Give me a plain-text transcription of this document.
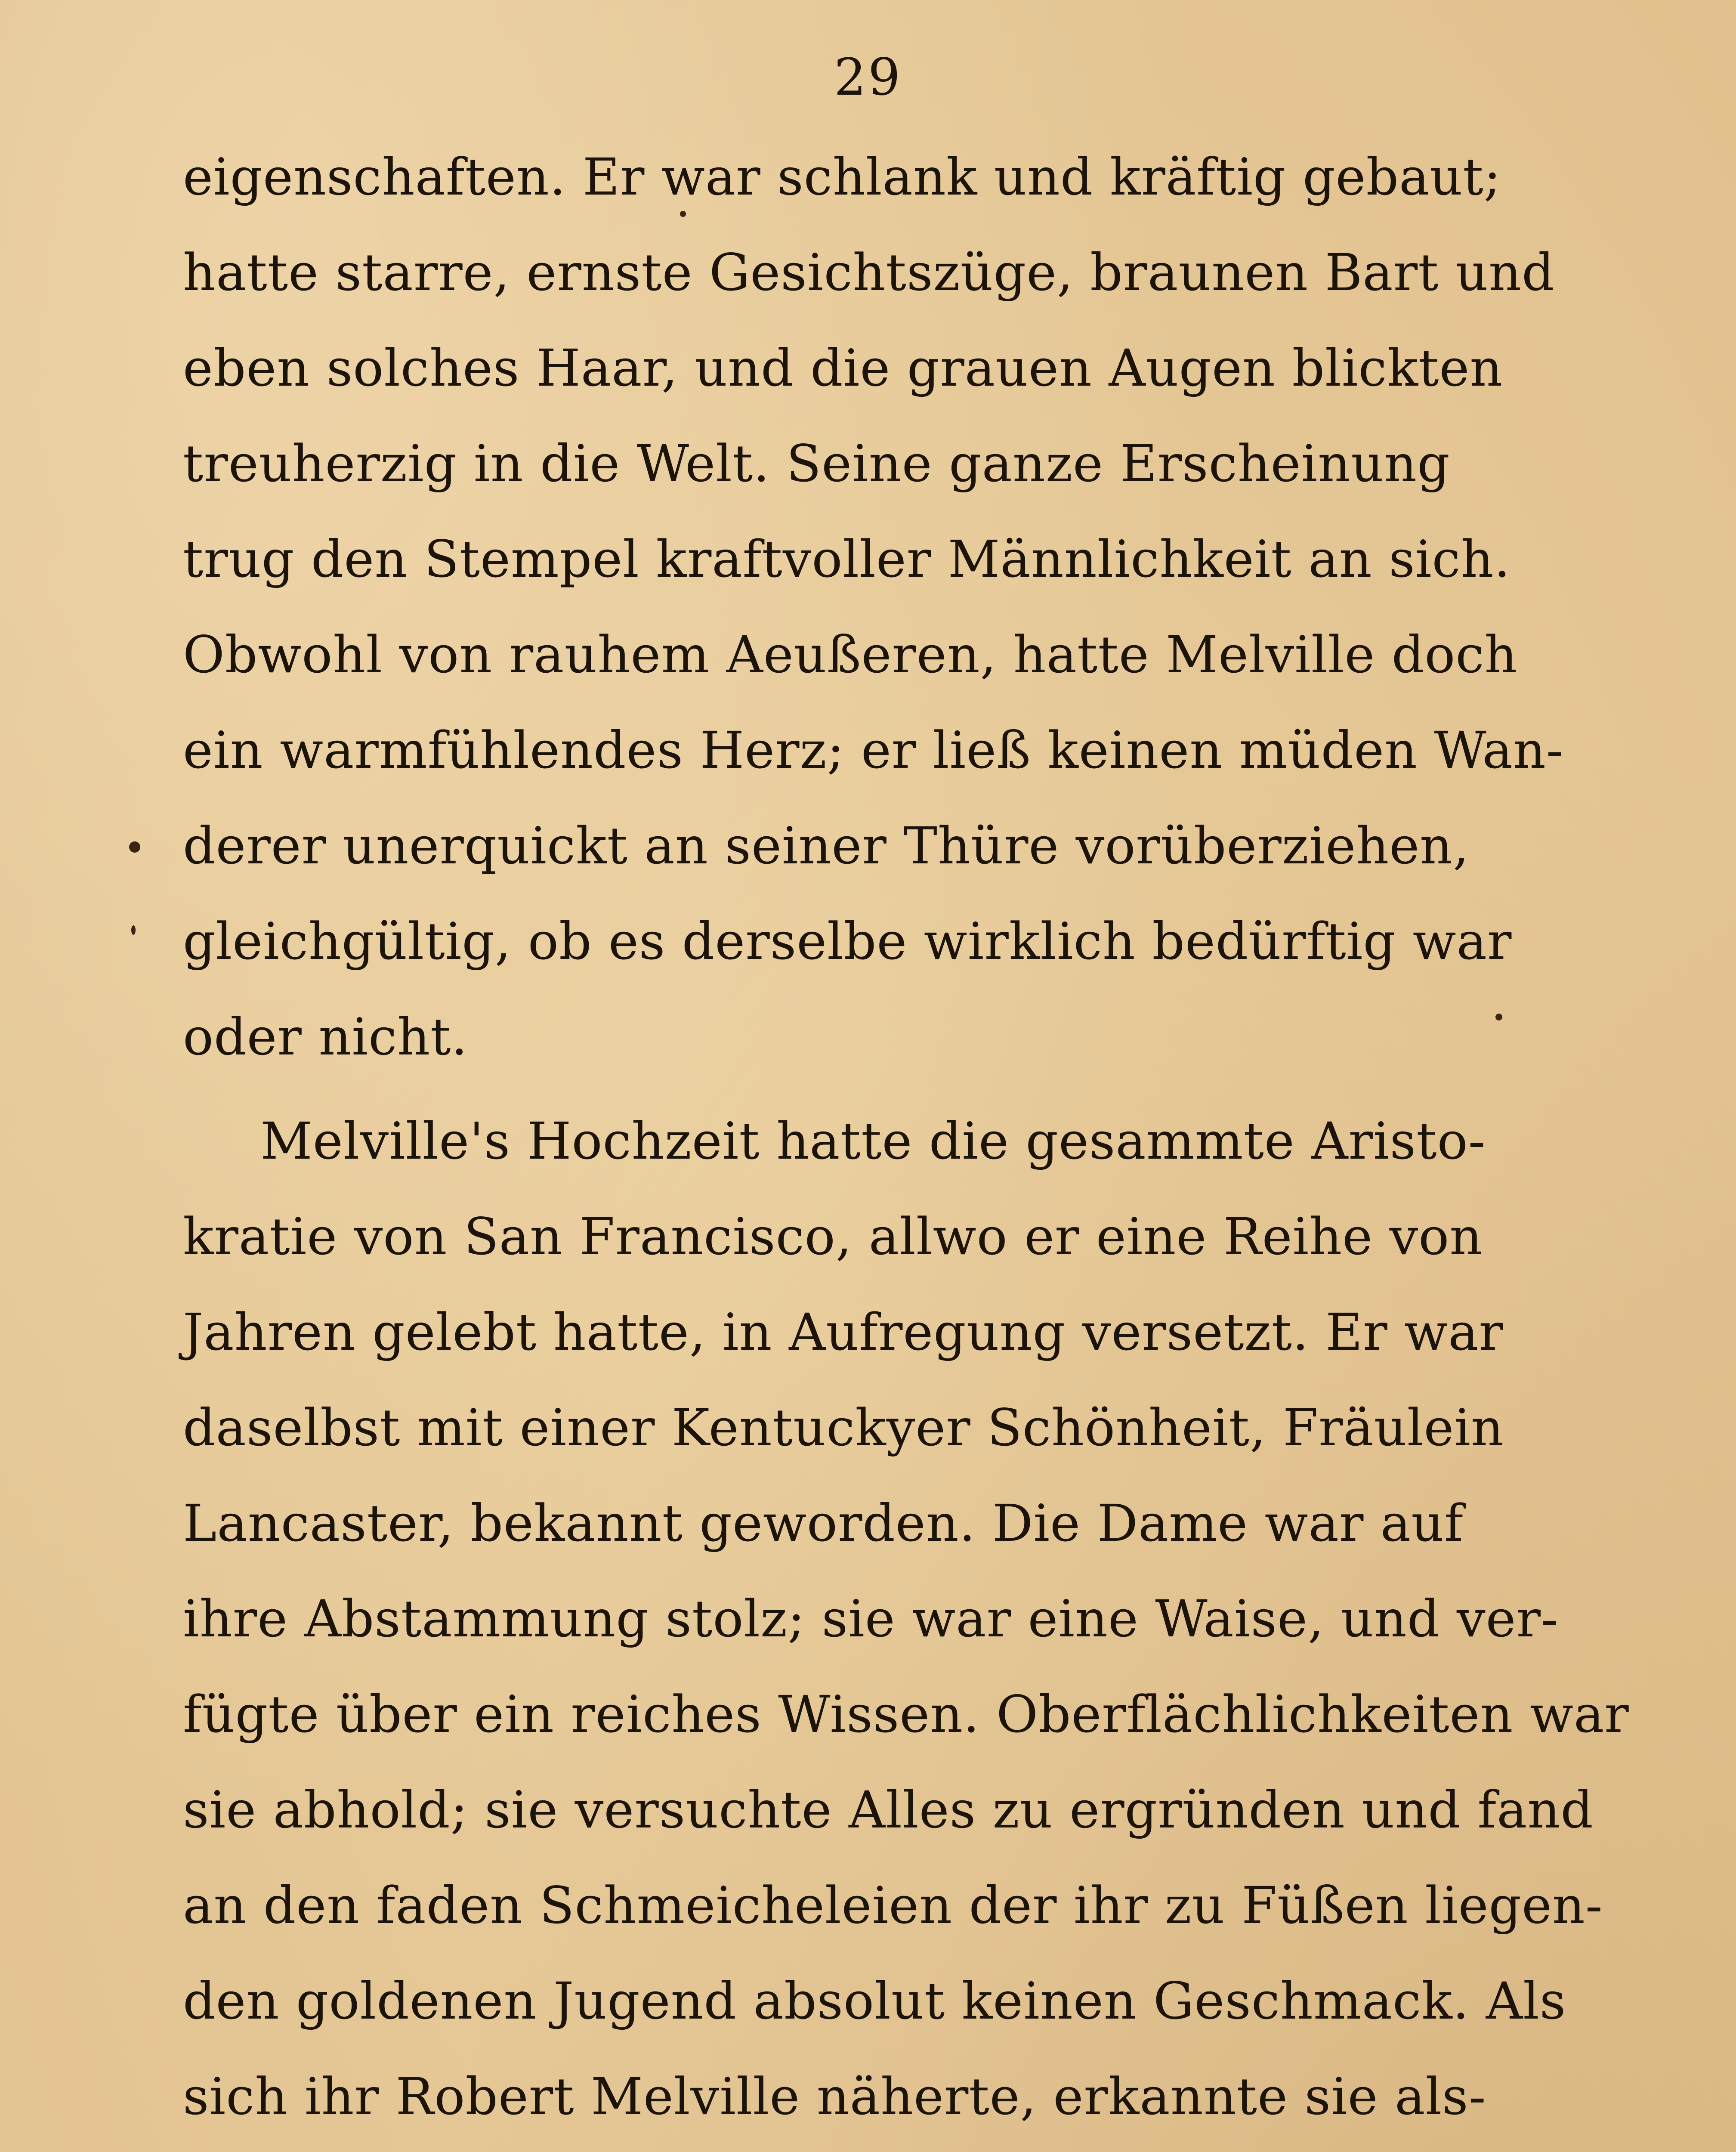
29
eigenschaften. Er war schlank und kräftig gebaut;
hatte starre, ernste Gesichtszüge, braunen Bart und
eben solches Haar, und die grauen Augen blickten
treuherzig in die Welt. Seine ganze Erscheinung
trug den Stempel kraftvoller Männlichkeit an sich.
Obwohl von rauhem Aeußeren, hatte Melville doch
ein warmfühlendes Herz; er ließ keinen müden Wan-
derer unerquickt an seiner Thüre vorüberziehen,
gleichgültig, ob es derselbe wirklich bedürftig war
oder nicht.
Melville's Hochzeit hatte die gesammte Aristo-
kratie von San Francisco, allwo er eine Reihe von
Jahren gelebt hatte, in Aufregung versetzt. Er war
daselbst mit einer Kentuckyer Schönheit, Fräulein
Lancaster, bekannt geworden. Die Dame war auf
ihre Abstammung stolz; sie war eine Waise, und ver-
fügte über ein reiches Wissen. Oberflächlichkeiten war
sie abhold; sie versuchte Alles zu ergründen und fand
an den faden Schmeicheleien der ihr zu Füßen liegen-
den goldenen Jugend absolut keinen Geschmack. Als
sich ihr Robert Melville näherte, erkannte sie als-
